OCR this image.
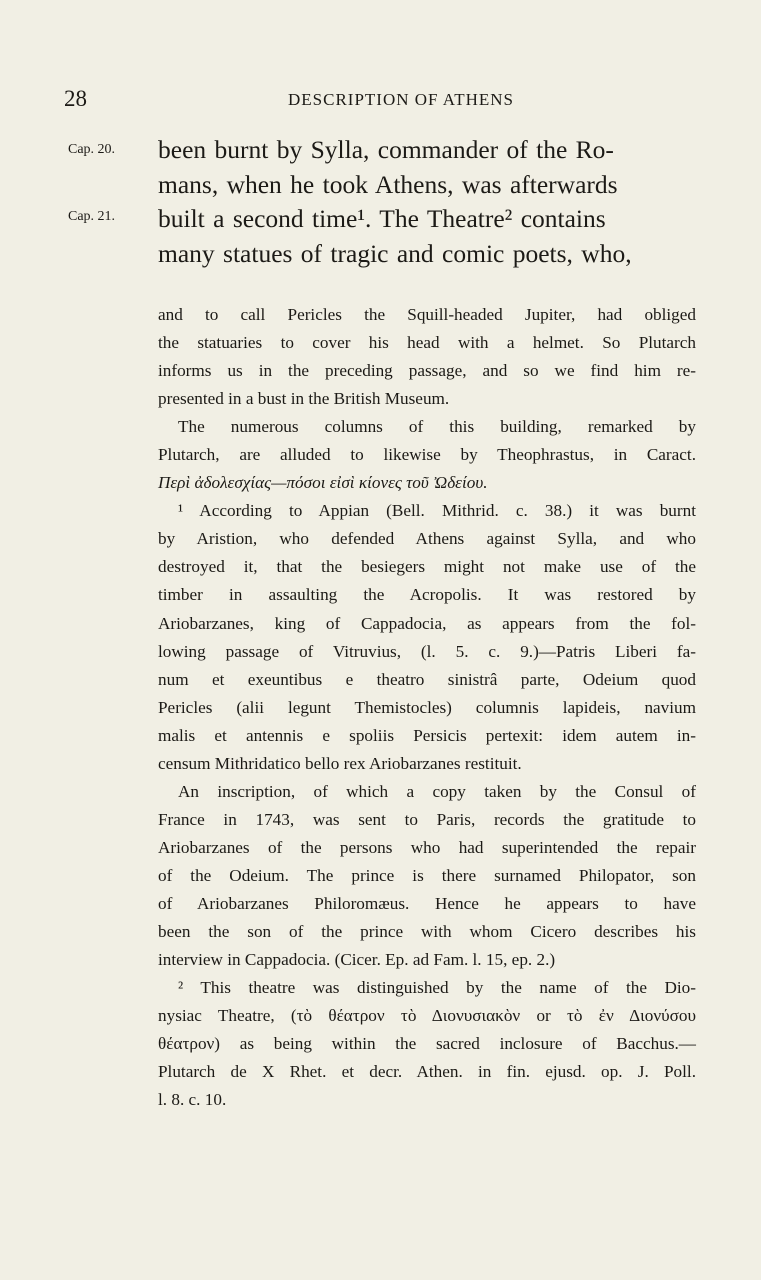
28	DESCRIPTION OF ATHENS
Cap. 20.
Cap. 21.
been burnt by Sylla, commander of the Ro-
mans, when he took Athens, was afterwards
built a second time¹. The Theatre² contains
many statues of tragic and comic poets, who,
and to call Pericles the Squill-headed Jupiter, had obliged
the statuaries to cover his head with a helmet. So Plutarch
informs us in the preceding passage, and so we find him re-
presented in a bust in the British Museum.
The numerous columns of this building, remarked by
Plutarch, are alluded to likewise by Theophrastus, in Caract.
Περὶ ἀδολεσχίας—πόσοι εἰσὶ κίονες τοῦ Ὠδείου.
¹ According to Appian (Bell. Mithrid. c. 38.) it was burnt
by Aristion, who defended Athens against Sylla, and who
destroyed it, that the besiegers might not make use of the
timber in assaulting the Acropolis. It was restored by
Ariobarzanes, king of Cappadocia, as appears from the fol-
lowing passage of Vitruvius, (l. 5. c. 9.)—Patris Liberi fa-
num et exeuntibus e theatro sinistrâ parte, Odeium quod
Pericles (alii legunt Themistocles) columnis lapideis, navium
malis et antennis e spoliis Persicis pertexit: idem autem in-
censum Mithridatico bello rex Ariobarzanes restituit.
An inscription, of which a copy taken by the Consul of
France in 1743, was sent to Paris, records the gratitude to
Ariobarzanes of the persons who had superintended the repair
of the Odeium. The prince is there surnamed Philopator, son
of Ariobarzanes Philoromæus. Hence he appears to have
been the son of the prince with whom Cicero describes his
interview in Cappadocia. (Cicer. Ep. ad Fam. l. 15, ep. 2.)
² This theatre was distinguished by the name of the Dio-
nysiac Theatre, (τὸ θέατρον τὸ Διονυσιακὸν or τὸ ἐν Διονύσου
θέατρον) as being within the sacred inclosure of Bacchus.—
Plutarch de X Rhet. et decr. Athen. in fin. ejusd. op. J. Poll.
l. 8. c. 10.
